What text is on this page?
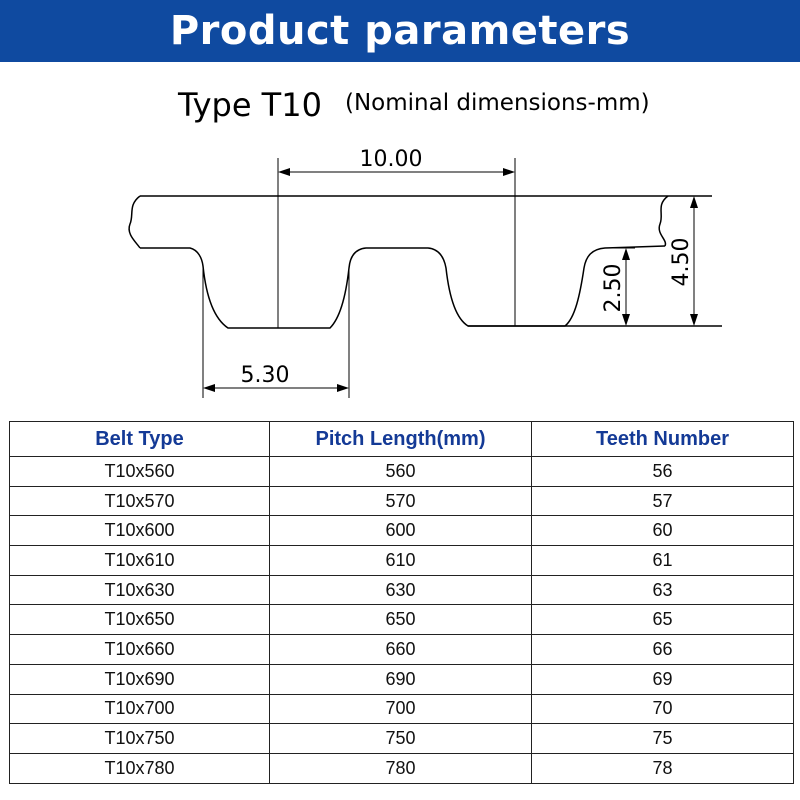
Product parameters
Type T10 (Nominal dimensions-mm)
10.00
5.30
2.50
4.50
Belt Type	Pitch Length(mm)	Teeth Number
T10x560	560	56
T10x570	570	57
T10x600	600	60
T10x610	610	61
T10x630	630	63
T10x650	650	65
T10x660	660	66
T10x690	690	69
T10x700	700	70
T10x750	750	75
T10x780	780	78
